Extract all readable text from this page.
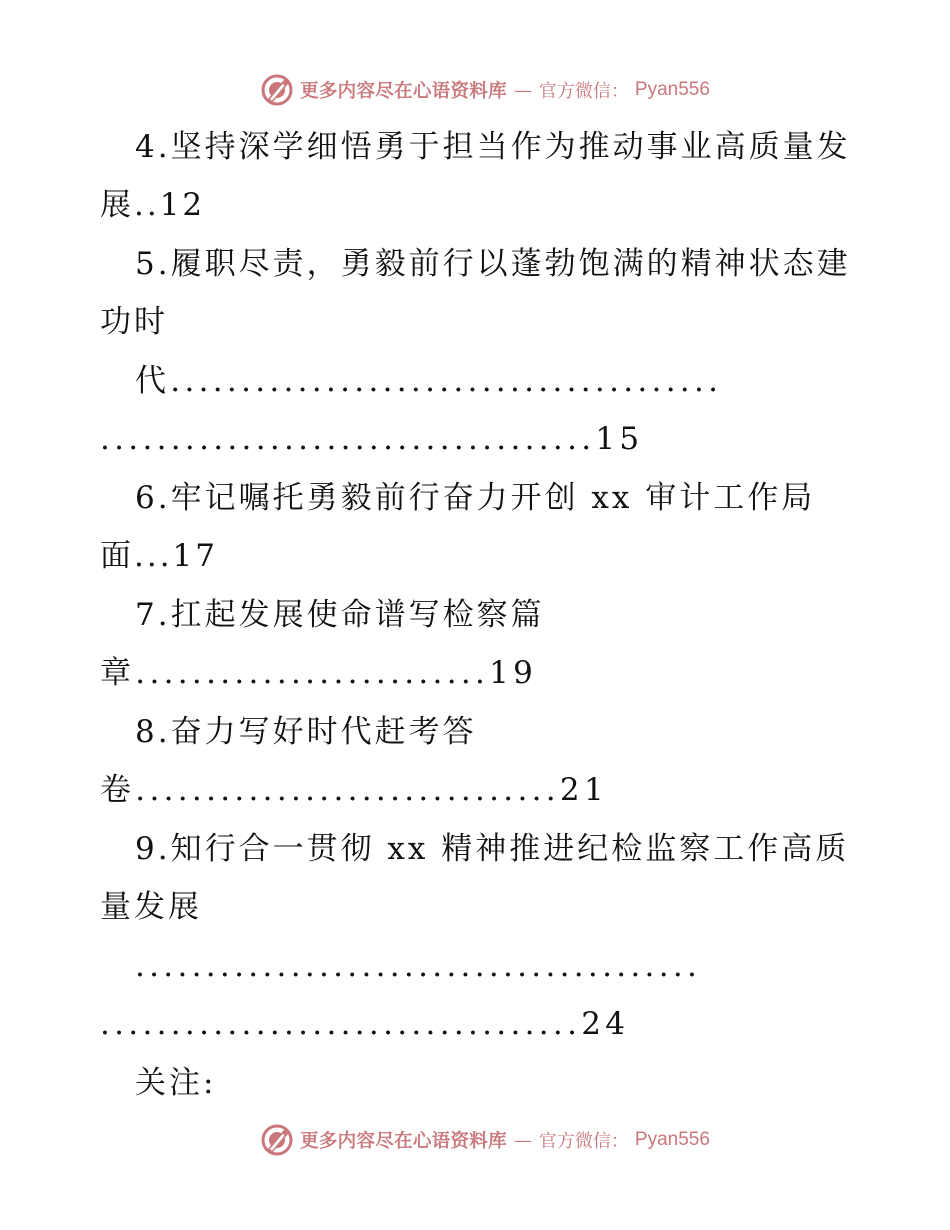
更多内容尽在心语资料库 — 官方微信： Pyan556
4.坚持深学细悟勇于担当作为推动事业高质量发
展..12
5.履职尽责，勇毅前行以蓬勃饱满的精神状态建
功时
代.......................................
...................................15
6.牢记嘱托勇毅前行奋力开创 xx 审计工作局
面...17
7.扛起发展使命谱写检察篇
章.........................19
8.奋力写好时代赶考答
卷..............................21
9.知行合一贯彻 xx 精神推进纪检监察工作高质
量发展
........................................
..................................24
关注:
更多内容尽在心语资料库 — 官方微信： Pyan556
